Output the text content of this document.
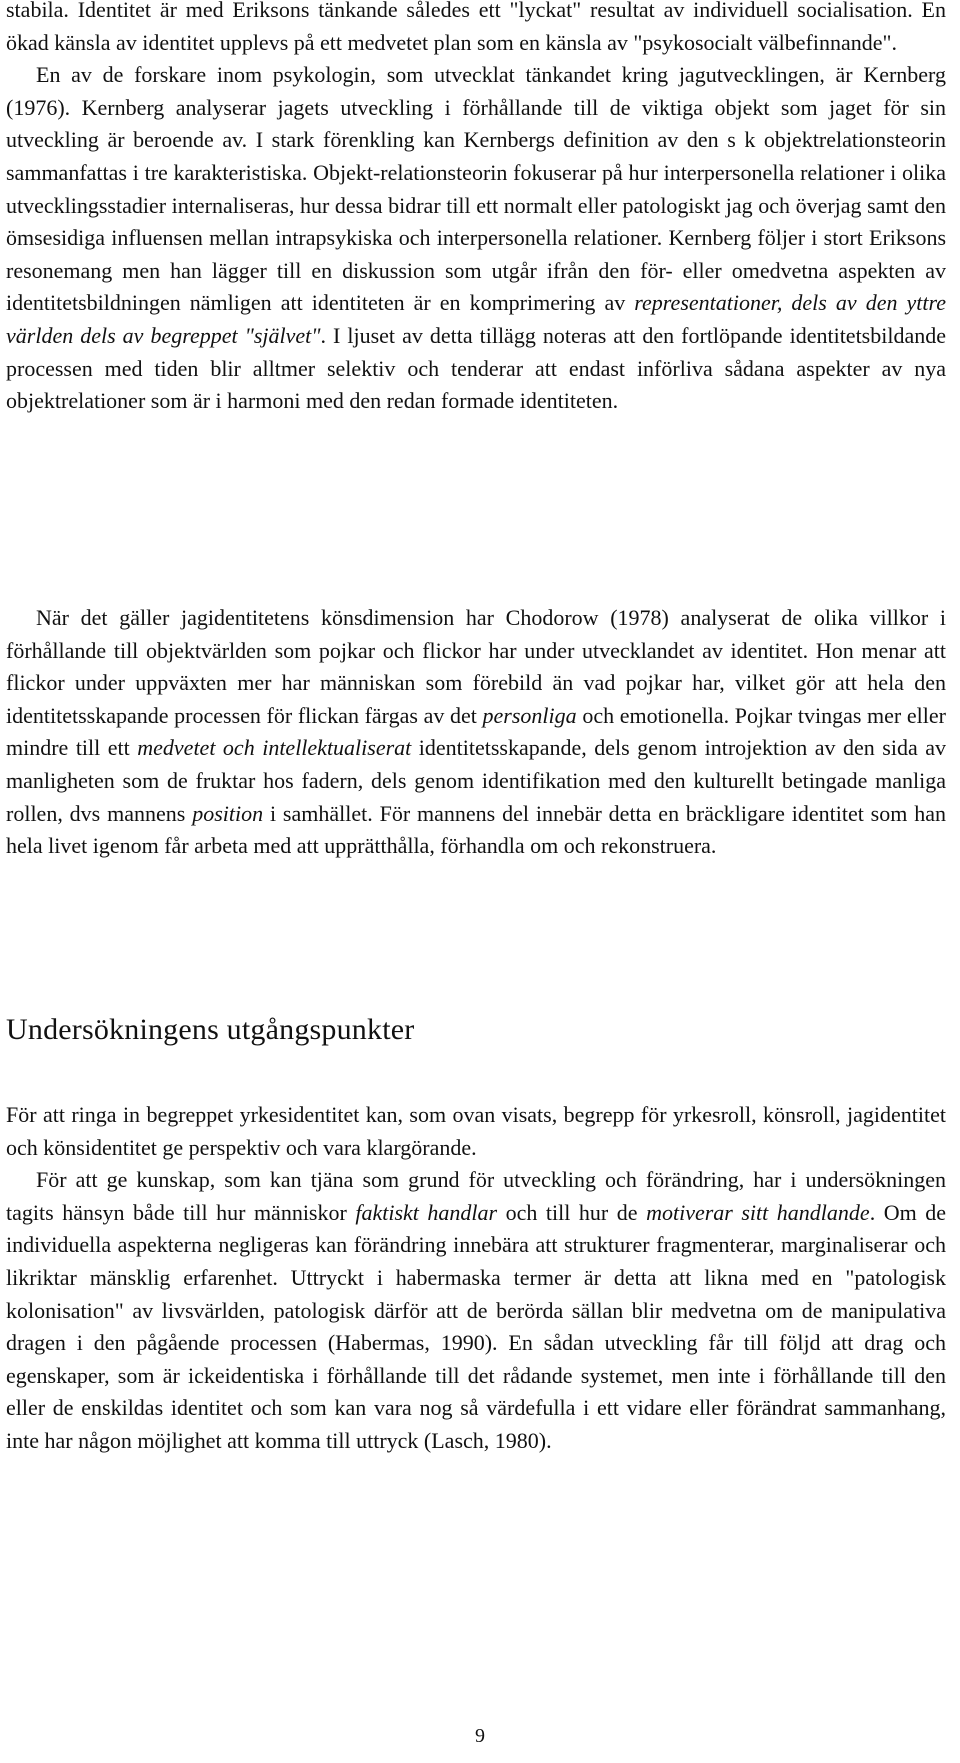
stabila. Identitet är med Eriksons tänkande således ett "lyckat" resultat av individuell socialisation. En ökad känsla av identitet upplevs på ett medvetet plan som en känsla av "psykosocialt välbefinnande".

En av de forskare inom psykologin, som utvecklat tänkandet kring jagutvecklingen, är Kernberg (1976). Kernberg analyserar jagets utveckling i förhållande till de viktiga objekt som jaget för sin utveckling är beroende av. I stark förenkling kan Kernbergs definition av den s k objektrelationsteorin sammanfattas i tre karakteristiska. Objekt-relationsteorin fokuserar på hur interpersonella relationer i olika utvecklingsstadier internaliseras, hur dessa bidrar till ett normalt eller patologiskt jag och överjag samt den ömsesidiga influensen mellan intrapsykiska och interpersonella relationer. Kernberg följer i stort Eriksons resonemang men han lägger till en diskussion som utgår ifrån den för- eller omedvetna aspekten av identitetsbildningen nämligen att identiteten är en komprimering av representationer, dels av den yttre världen dels av begreppet "självet". I ljuset av detta tillägg noteras att den fortlöpande identitetsbildande processen med tiden blir alltmer selektiv och tenderar att endast införliva sådana aspekter av nya objektrelationer som är i harmoni med den redan formade identiteten.

När det gäller jagidentitetens könsdimension har Chodorow (1978) analyserat de olika villkor i förhållande till objektvärlden som pojkar och flickor har under utvecklandet av identitet. Hon menar att flickor under uppväxten mer har människan som förebild än vad pojkar har, vilket gör att hela den identitetsskapande processen för flickan färgas av det personliga och emotionella. Pojkar tvingas mer eller mindre till ett medvetet och intellektualiserat identitetsskapande, dels genom introjektion av den sida av manligheten som de fruktar hos fadern, dels genom identifikation med den kulturellt betingade manliga rollen, dvs mannens position i samhället. För mannens del innebär detta en bräckligare identitet som han hela livet igenom får arbeta med att upprätthålla, förhandla om och rekonstruera.

Undersökningens utgångspunkter

För att ringa in begreppet yrkesidentitet kan, som ovan visats, begrepp för yrkesroll, könsroll, jagidentitet och könsidentitet ge perspektiv och vara klargörande.

För att ge kunskap, som kan tjäna som grund för utveckling och förändring, har i undersökningen tagits hänsyn både till hur människor faktiskt handlar och till hur de motiverar sitt handlande. Om de individuella aspekterna negligeras kan förändring innebära att strukturer fragmenterar, marginaliserar och likriktar mänsklig erfarenhet. Uttryckt i habermaska termer är detta att likna med en "patologisk kolonisation" av livsvärlden, patologisk därför att de berörda sällan blir medvetna om de manipulativa dragen i den pågående processen (Habermas, 1990). En sådan utveckling får till följd att drag och egenskaper, som är ickeidentiska i förhållande till det rådande systemet, men inte i förhållande till den eller de enskildas identitet och som kan vara nog så värdefulla i ett vidare eller förändrat sammanhang, inte har någon möjlighet att komma till uttryck (Lasch, 1980).

9
